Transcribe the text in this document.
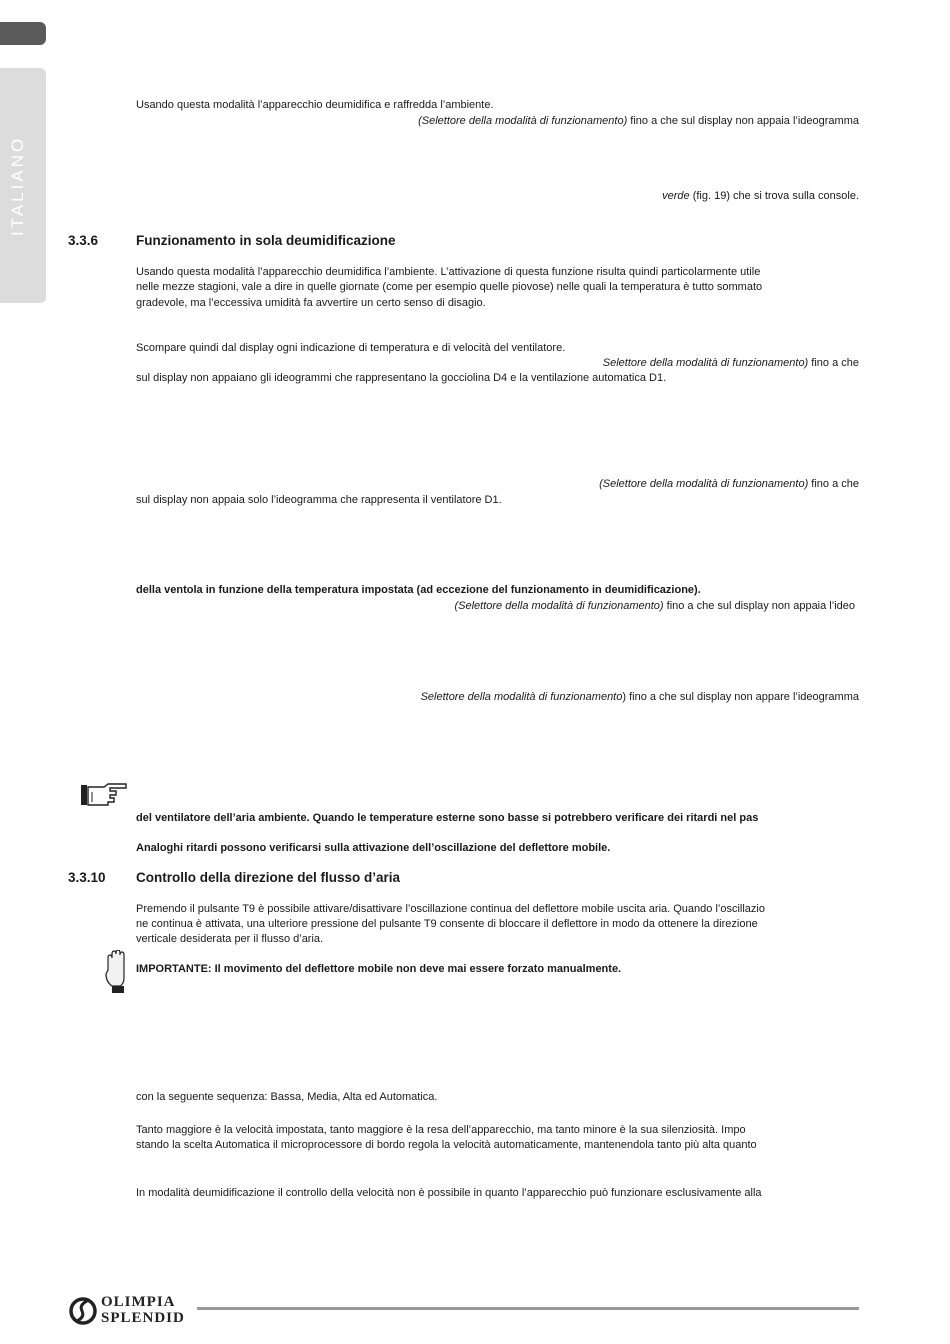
ITALIANO
Usando questa modalità l’apparecchio deumidifica e raffredda l’ambiente.
(Selettore della modalità di funzionamento) fino a che sul display non appaia l’ideogramma
verde (fig. 19) che si trova sulla console.
3.3.6	Funzionamento in sola deumidificazione
Usando questa modalità l’apparecchio deumidifica l’ambiente. L’attivazione di questa funzione risulta quindi particolarmente utile
nelle mezze stagioni, vale a dire in quelle giornate (come per esempio quelle piovose) nelle quali la temperatura è tutto sommato
gradevole, ma l’eccessiva umidità fa avvertire un certo senso di disagio.
Scompare quindi dal display ogni indicazione di temperatura e di velocità del ventilatore.
Selettore della modalità di funzionamento) fino a che
sul display non appaiano gli ideogrammi che rappresentano la gocciolina D4 e la ventilazione automatica D1.
(Selettore della modalità di funzionamento) fino a che
sul display non appaia solo l’ideogramma che rappresenta il ventilatore D1.
della ventola in funzione della temperatura impostata (ad eccezione del funzionamento in deumidificazione).
(Selettore della modalità di funzionamento) fino a che sul display non appaia l’ideo
Selettore della modalità di funzionamento) fino a che sul display non appare l’ideogramma
del ventilatore dell’aria ambiente. Quando le temperature esterne sono basse si potrebbero verificare dei ritardi nel pas
Analoghi ritardi possono verificarsi sulla attivazione dell’oscillazione del deflettore mobile.
3.3.10 Controllo della direzione del flusso d’aria
Premendo il pulsante T9 è possibile attivare/disattivare l’oscillazione continua del deflettore mobile uscita aria. Quando l’oscillazio
ne continua è attivata, una ulteriore pressione del pulsante T9 consente di bloccare il deflettore in modo da ottenere la direzione
verticale desiderata per il flusso d’aria.
IMPORTANTE: Il movimento del deflettore mobile non deve mai essere forzato manualmente.
con la seguente sequenza: Bassa, Media, Alta ed Automatica.
Tanto maggiore è la velocità impostata, tanto maggiore è la resa dell’apparecchio, ma tanto minore è la sua silenziosità. Impo
stando la scelta Automatica il microprocessore di bordo regola la velocità automaticamente, mantenendola tanto più alta quanto
In modalità deumidificazione il controllo della velocità non è possibile in quanto l’apparecchio può funzionare esclusivamente alla
OLIMPIA
SPLENDID
